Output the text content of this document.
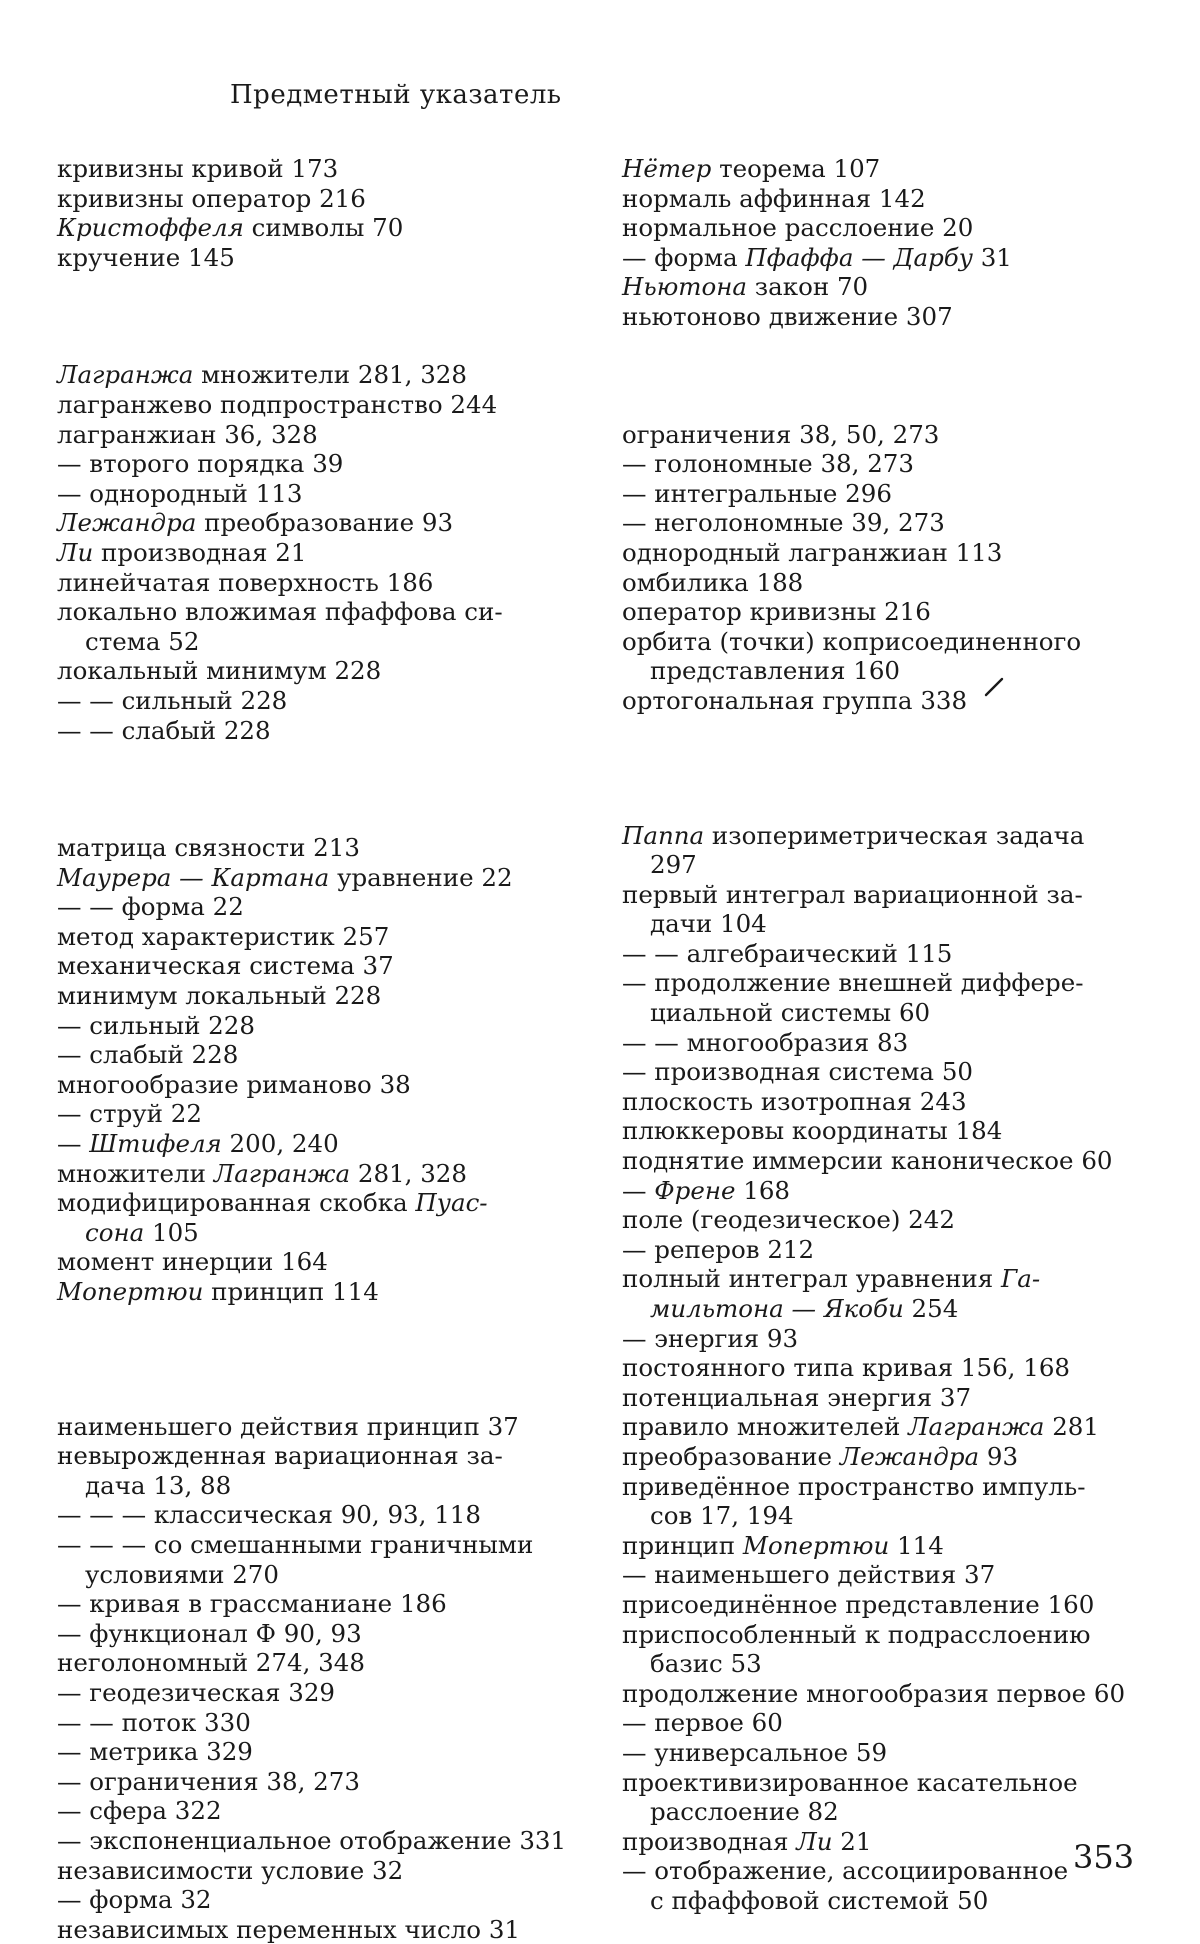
Предметный указатель
кривизны кривой 173
кривизны оператор 216
Кристоффеля символы 70
кручение 145
Лагранжа множители 281, 328
лагранжево подпространство 244
лагранжиан 36, 328
— второго порядка 39
— однородный 113
Лежандра преобразование 93
Ли производная 21
линейчатая поверхность 186
локально вложимая пфаффова си-
стема 52
локальный минимум 228
— — сильный 228
— — слабый 228
матрица связности 213
Маурера — Картана уравнение 22
— — форма 22
метод характеристик 257
механическая система 37
минимум локальный 228
— сильный 228
— слабый 228
многообразие риманово 38
— струй 22
— Штифеля 200, 240
множители Лагранжа 281, 328
модифицированная скобка Пуас-
сона 105
момент инерции 164
Мопертюи принцип 114
наименьшего действия принцип 37
невырожденная вариационная за-
дача 13, 88
— — — классическая 90, 93, 118
— — — со смешанными граничными
условиями 270
— кривая в грассманиане 186
— функционал Ф 90, 93
неголономный 274, 348
— геодезическая 329
— — поток 330
— метрика 329
— ограничения 38, 273
— сфера 322
— экспоненциальное отображение 331
независимости условие 32
— форма 32
независимых переменных число 31
Нётер теорема 107
нормаль аффинная 142
нормальное расслоение 20
— форма Пфаффа — Дарбу 31
Ньютона закон 70
ньютоново движение 307
ограничения 38, 50, 273
— голономные 38, 273
— интегральные 296
— неголономные 39, 273
однородный лагранжиан 113
омбилика 188
оператор кривизны 216
орбита (точки) коприсоединенного
представления 160
ортогональная группа 338
Паппа изопериметрическая задача
297
первый интеграл вариационной за-
дачи 104
— — алгебраический 115
— продолжение внешней диффере-
циальной системы 60
— — многообразия 83
— производная система 50
плоскость изотропная 243
плюккеровы координаты 184
поднятие иммерсии каноническое 60
— Френе 168
поле (геодезическое) 242
— реперов 212
полный интеграл уравнения Га-
мильтона — Якоби 254
— энергия 93
постоянного типа кривая 156, 168
потенциальная энергия 37
правило множителей Лагранжа 281
преобразование Лежандра 93
приведённое пространство импуль-
сов 17, 194
принцип Мопертюи 114
— наименьшего действия 37
присоединённое представление 160
приспособленный к подрасслоению
базис 53
продолжение многообразия первое 60
— первое 60
— универсальное 59
проективизированное касательное
расслоение 82
производная Ли 21
— отображение, ассоциированное
с пфаффовой системой 50
353
